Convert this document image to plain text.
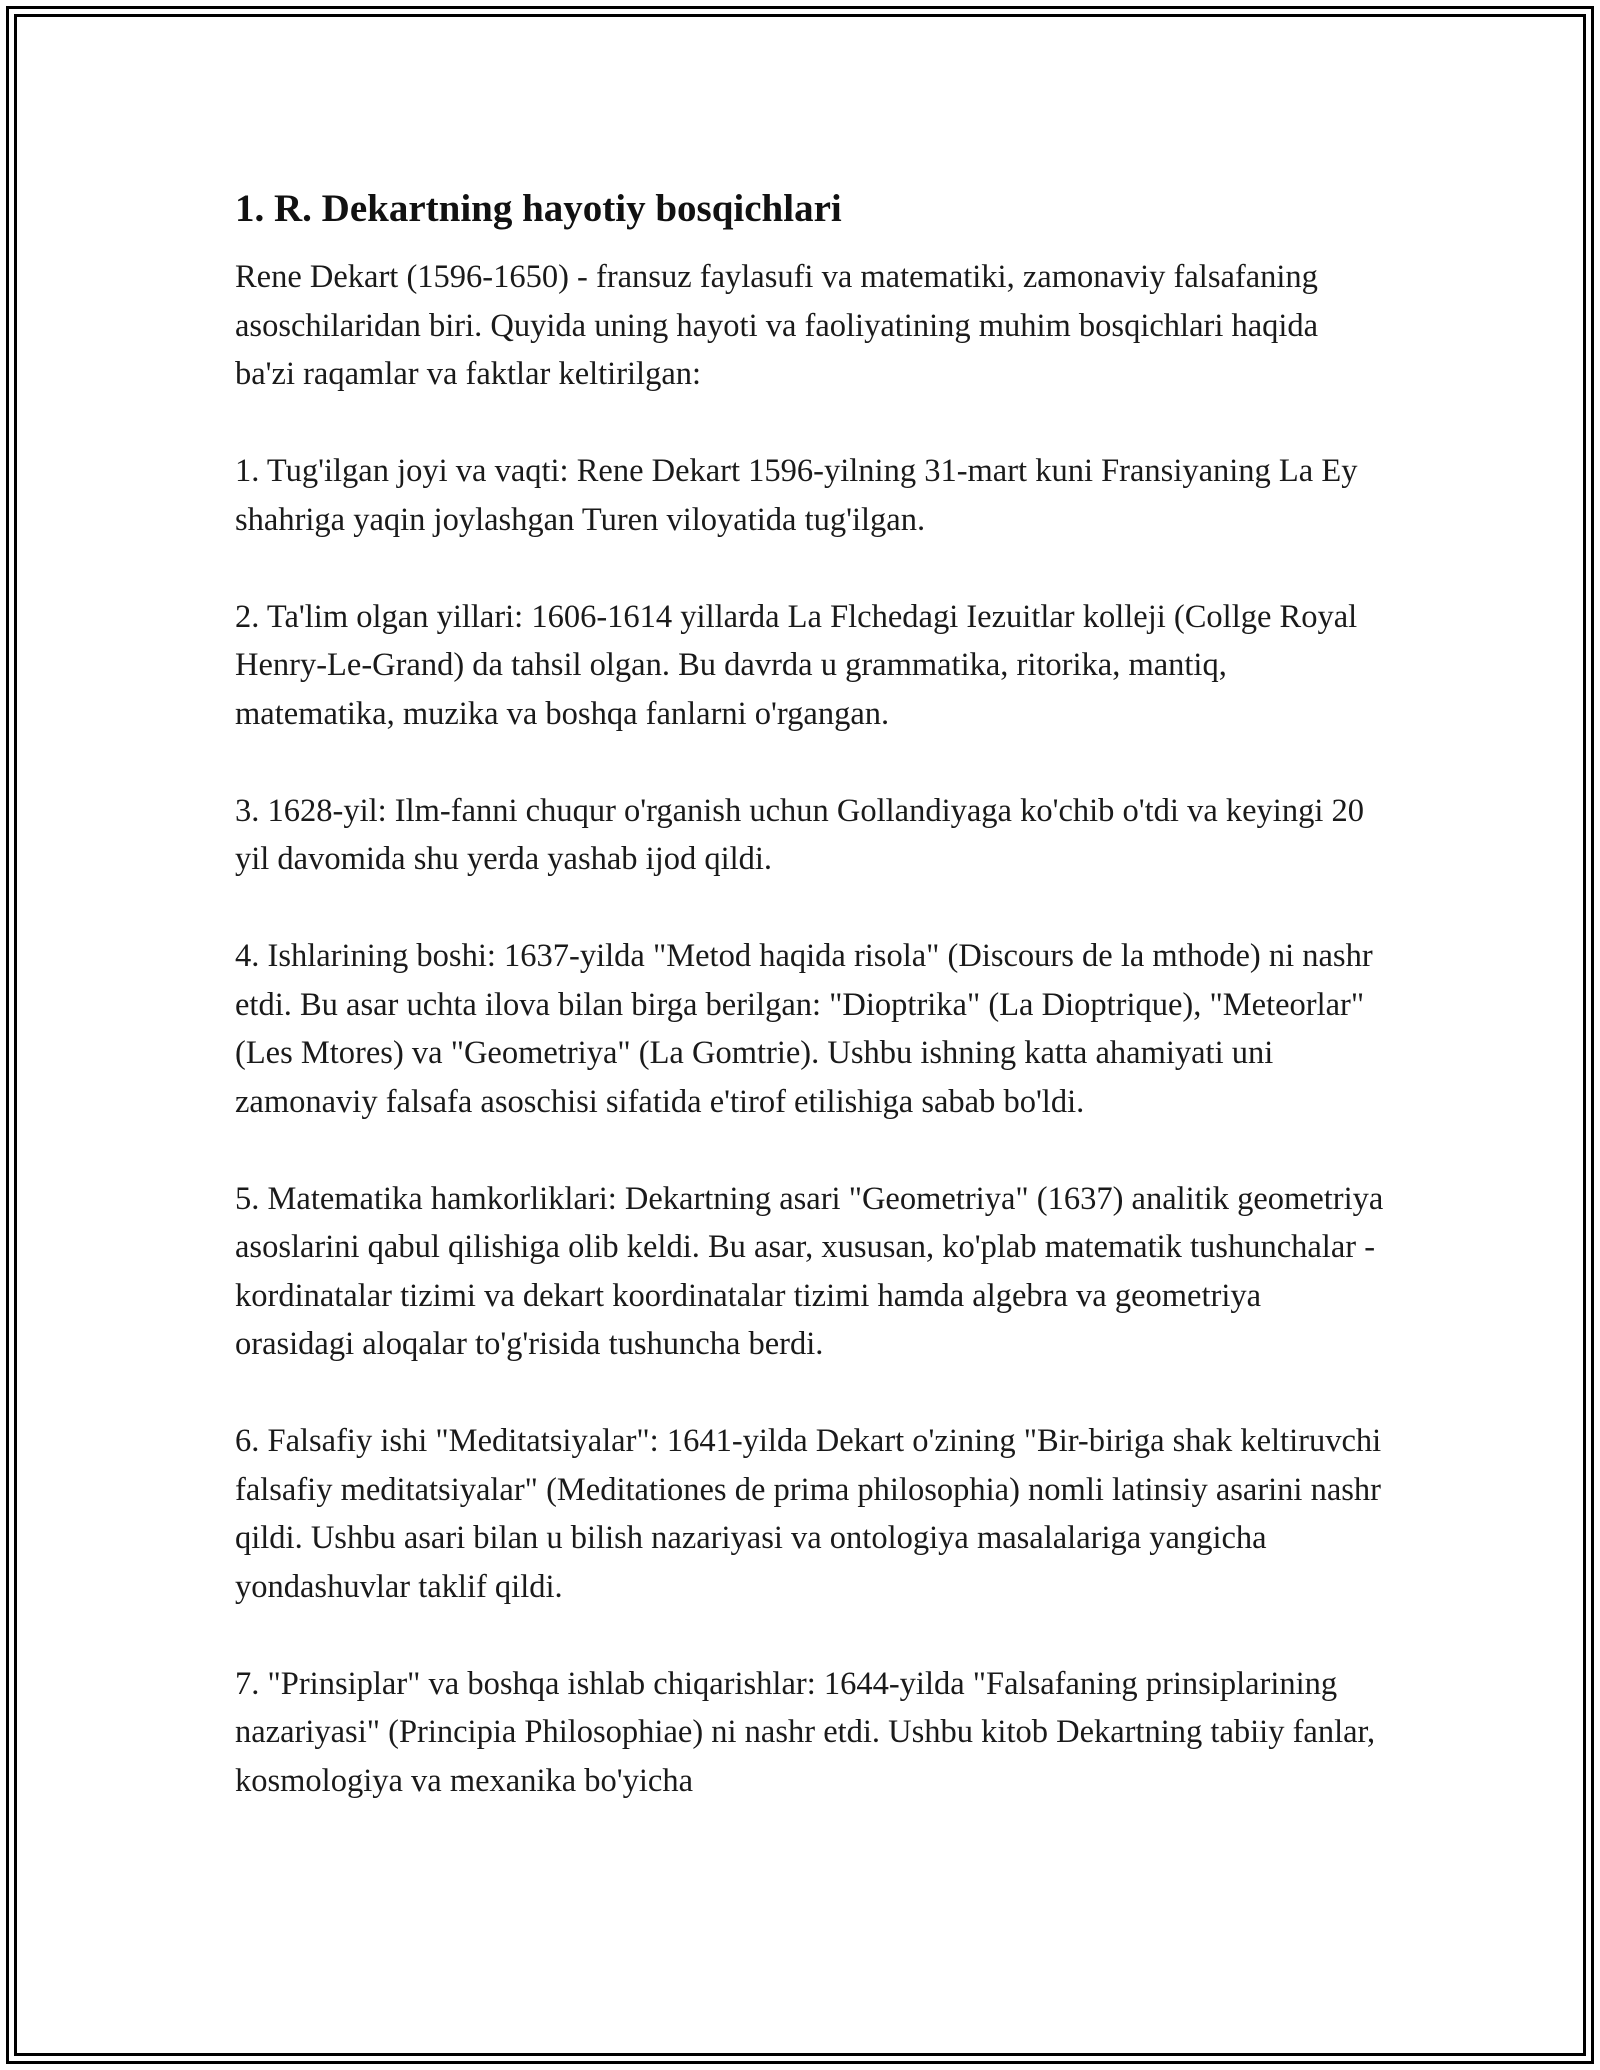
1. R. Dekartning hayotiy bosqichlari

Rene Dekart (1596-1650) - fransuz faylasufi va matematiki, zamonaviy falsafaning asoschilaridan biri. Quyida uning hayoti va faoliyatining muhim bosqichlari haqida ba'zi raqamlar va faktlar keltirilgan:

1. Tug'ilgan joyi va vaqti: Rene Dekart 1596-yilning 31-mart kuni Fransiyaning La Ey shahriga yaqin joylashgan Turen viloyatida tug'ilgan.

2. Ta'lim olgan yillari: 1606-1614 yillarda La Flchedagi Iezuitlar kolleji (Collge Royal Henry-Le-Grand) da tahsil olgan. Bu davrda u grammatika, ritorika, mantiq, matematika, muzika va boshqa fanlarni o'rgangan.

3. 1628-yil: Ilm-fanni chuqur o'rganish uchun Gollandiyaga ko'chib o'tdi va keyingi 20 yil davomida shu yerda yashab ijod qildi.

4. Ishlarining boshi: 1637-yilda "Metod haqida risola" (Discours de la mthode) ni nashr etdi. Bu asar uchta ilova bilan birga berilgan: "Dioptrika" (La Dioptrique), "Meteorlar" (Les Mtores) va "Geometriya" (La Gomtrie). Ushbu ishning katta ahamiyati uni zamonaviy falsafa asoschisi sifatida e'tirof etilishiga sabab bo'ldi.

5. Matematika hamkorliklari: Dekartning asari "Geometriya" (1637) analitik geometriya asoslarini qabul qilishiga olib keldi. Bu asar, xususan, ko'plab matematik tushunchalar - kordinatalar tizimi va dekart koordinatalar tizimi hamda algebra va geometriya orasidagi aloqalar to'g'risida tushuncha berdi.

6. Falsafiy ishi "Meditatsiyalar": 1641-yilda Dekart o'zining "Bir-biriga shak keltiruvchi falsafiy meditatsiyalar" (Meditationes de prima philosophia) nomli latinsiy asarini nashr qildi. Ushbu asari bilan u bilish nazariyasi va ontologiya masalalariga yangicha yondashuvlar taklif qildi.

7. "Prinsiplar" va boshqa ishlab chiqarishlar: 1644-yilda "Falsafaning prinsiplarining nazariyasi" (Principia Philosophiae) ni nashr etdi. Ushbu kitob Dekartning tabiiy fanlar, kosmologiya va mexanika bo'yicha
